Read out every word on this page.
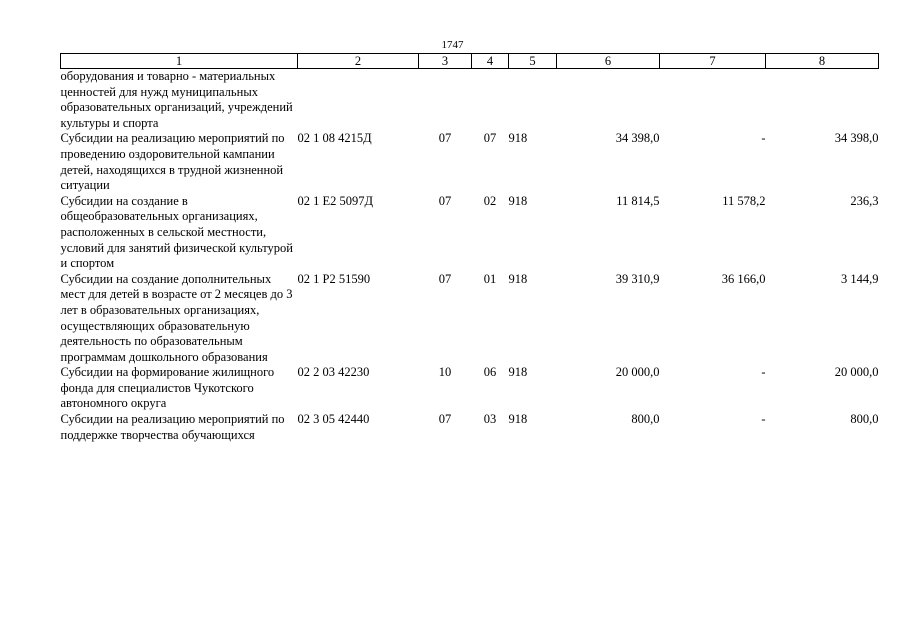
1747
1	2	3	4	5	6	7	8
оборудования и товарно - материальных ценностей для нужд муниципальных образовательных организаций, учреждений культуры и спорта							
Субсидии на реализацию мероприятий по проведению оздоровительной кампании детей, находящихся в трудной жизненной ситуации	02 1 08 4215Д	07	07	918	34 398,0	-	34 398,0
Субсидии на создание в общеобразовательных организациях, расположенных в сельской местности, условий для занятий физической культурой и спортом	02 1 Е2 5097Д	07	02	918	11 814,5	11 578,2	236,3
Субсидии на создание дополнительных мест для детей в возрасте от 2 месяцев до 3 лет в образовательных организациях, осуществляющих образовательную деятельность по образовательным программам дошкольного образования	02 1 P2 51590	07	01	918	39 310,9	36 166,0	3 144,9
Субсидии на формирование жилищного фонда для специалистов Чукотского автономного округа	02 2 03 42230	10	06	918	20 000,0	-	20 000,0
Субсидии на реализацию мероприятий по поддержке творчества обучающихся	02 3 05 42440	07	03	918	800,0	-	800,0
